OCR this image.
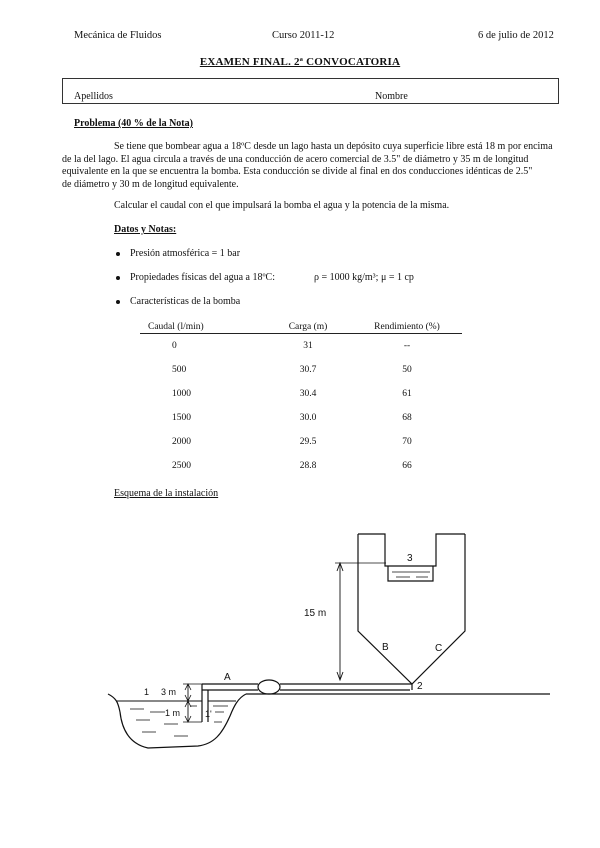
Mecánica de Fluidos	Curso 2011-12	6 de julio de 2012
EXAMEN FINAL. 2ª CONVOCATORIA
Apellidos	Nombre
Problema (40 % de la Nota)
Se tiene que bombear agua a 18ºC desde un lago hasta un depósito cuya superficie libre está 18 m por encima
de la del lago. El agua circula a través de una conducción de acero comercial de 3.5" de diámetro y 35 m de longitud
equivalente en la que se encuentra la bomba. Esta conducción se divide al final en dos conducciones idénticas de 2.5"
de diámetro y 30 m de longitud equivalente.
Calcular el caudal con el que impulsará la bomba el agua y la potencia de la misma.
Datos y Notas:
Presión atmosférica = 1 bar
Propiedades físicas del agua a 18ºC:	ρ = 1000 kg/m³; μ = 1 cp
Características de la bomba
Caudal (l/min)	Carga (m)	Rendimiento (%)
0	31	--
500	30.7	50
1000	30.4	61
1500	30.0	68
2000	29.5	70
2500	28.8	66
Esquema de la instalación
15 m
3 m
1 m
1
1'
A
B	C
2
3
